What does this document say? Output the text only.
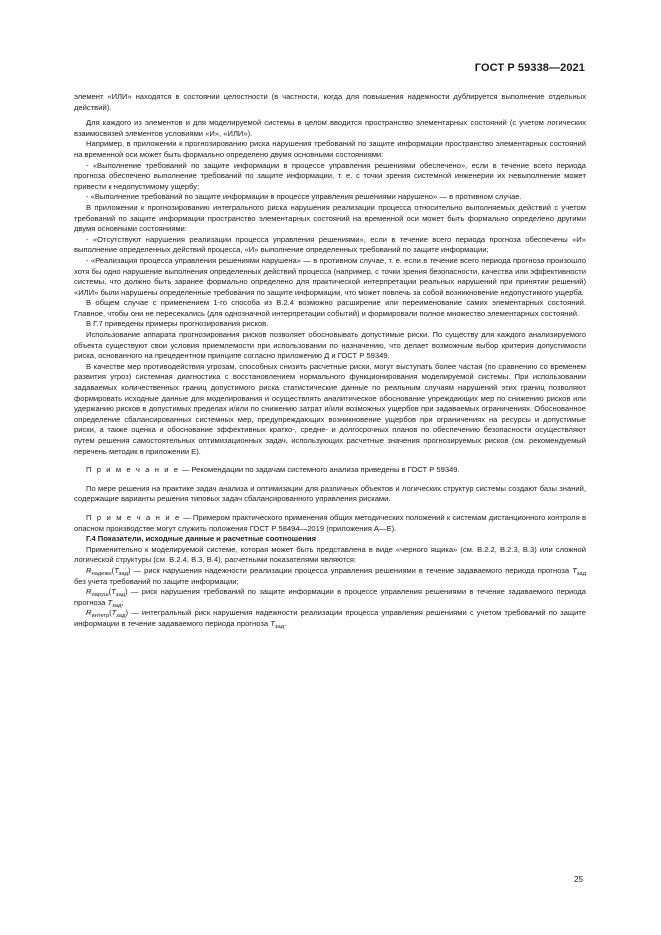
ГОСТ Р 59338—2021

элемент «ИЛИ» находятся в состоянии целостности (в частности, когда для повышения надежности дублируется выполнение отдельных действий).

Для каждого из элементов и для моделируемой системы в целом вводится пространство элементарных состояний (с учетом логических взаимосвязей элементов условиями «И», «ИЛИ»).

Например, в приложении к прогнозированию риска нарушения требований по защите информации пространство элементарных состояний на временной оси может быть формально определено двумя основными состояниями:

- «Выполнение требований по защите информации в процессе управления решениями обеспечено», если в течение всего периода прогноза обеспечено выполнение требований по защите информации, т. е. с точки зрения системной инженерии их невыполнение может привести к недопустимому ущербу;

- «Выполнение требований по защите информации в процессе управления решениями нарушено» — в противном случае.

В приложении к прогнозированию интегрального риска нарушения реализации процесса относительно выполняемых действий с учетом требований по защите информации пространство элементарных состояний на временной оси может быть формально определено другими двумя основными состояниями:

- «Отсутствуют нарушения реализации процесса управления решениями», если в течение всего периода прогноза обеспечены «И» выполнение определенных действий процесса, «И» выполнение определенных требований по защите информации;

- «Реализация процесса управления решениями нарушена» — в противном случае, т. е. если в течение всего периода прогноза произошло хотя бы одно нарушение выполнения определенных действий процесса (например, с точки зрения безопасности, качества или эффективности системы, что должно быть заранее формально определено для практической интерпретации реальных нарушений при принятии решений) «ИЛИ» были нарушены определенные требования по защите информации, что может повлечь за собой возникновение недопустимого ущерба.

В общем случае с применением 1-го способа из В.2.4 возможно расширение или переименование самих элементарных состояний. Главное, чтобы они не пересекались (для однозначной интерпретации событий) и формировали полное множество элементарных состояний.

В Г.7 приведены примеры прогнозирования рисков.

Использование аппарата прогнозирования рисков позволяет обосновывать допустимые риски. По существу для каждого анализируемого объекта существуют свои условия приемлемости при использовании по назначению, что делает возможным выбор критерия допустимости риска, основанного на прецедентном принципе согласно приложению Д и ГОСТ Р 59349.

В качестве мер противодействия угрозам, способных снизить расчетные риски, могут выступать более частая (по сравнению со временем развития угроз) системная диагностика с восстановлением нормального функционирования моделируемой системы. При использовании задаваемых количественных границ допустимого риска статистические данные по реальным случаям нарушений этих границ позволяют формировать исходные данные для моделирования и осуществлять аналитическое обоснование упреждающих мер по снижению рисков или удержанию рисков в допустимых пределах и/или по снижению затрат и/или возможных ущербов при задаваемых ограничениях. Обоснованное определение сбалансированных системных мер, предупреждающих возникновение ущербов при ограничениях на ресурсы и допустимые риски, а также оценка и обоснование эффективных кратко-, средне- и долгосрочных планов по обеспечению безопасности осуществляют путем решения самостоятельных оптимизационных задач, использующих расчетные значения прогнозируемых рисков (см. рекомендуемый перечень методик в приложении Е).

П р и м е ч а н и е — Рекомендации по задачам системного анализа приведены в ГОСТ Р 59349.

По мере решения на практике задач анализа и оптимизации для различных объектов и логических структур системы создают базы знаний, содержащие варианты решения типовых задач сбалансированного управления рисками.

П р и м е ч а н и е — Примером практического применения общих методических положений к системам дистанционного контроля в опасном производстве могут служить положения ГОСТ Р 58494—2019 (приложения А—Е).

Г.4 Показатели, исходные данные и расчетные соотношения

Применительно к моделируемой системе, которая может быть представлена в виде «черного ящика» (см. В.2.2, В.2.3, В.3) или сложной логической структуры (см. В.2.4, В.3, В.4), расчетными показателями являются:

$R_{надежн}(T_{зад})$ — риск нарушения надежности реализации процесса управления решениями в течение задаваемого периода прогноза $T_{зад}$ без учета требований по защите информации;

$R_{наруш}(T_{зад})$ — риск нарушения требований по защите информации в процессе управления решениями в течение задаваемого периода прогноза $T_{зад}$;

$R_{интегр}(T_{зад})$ — интегральный риск нарушения надежности реализации процесса управления решениями с учетом требований по защите информации в течение задаваемого периода прогноза $T_{зад}$.

25
